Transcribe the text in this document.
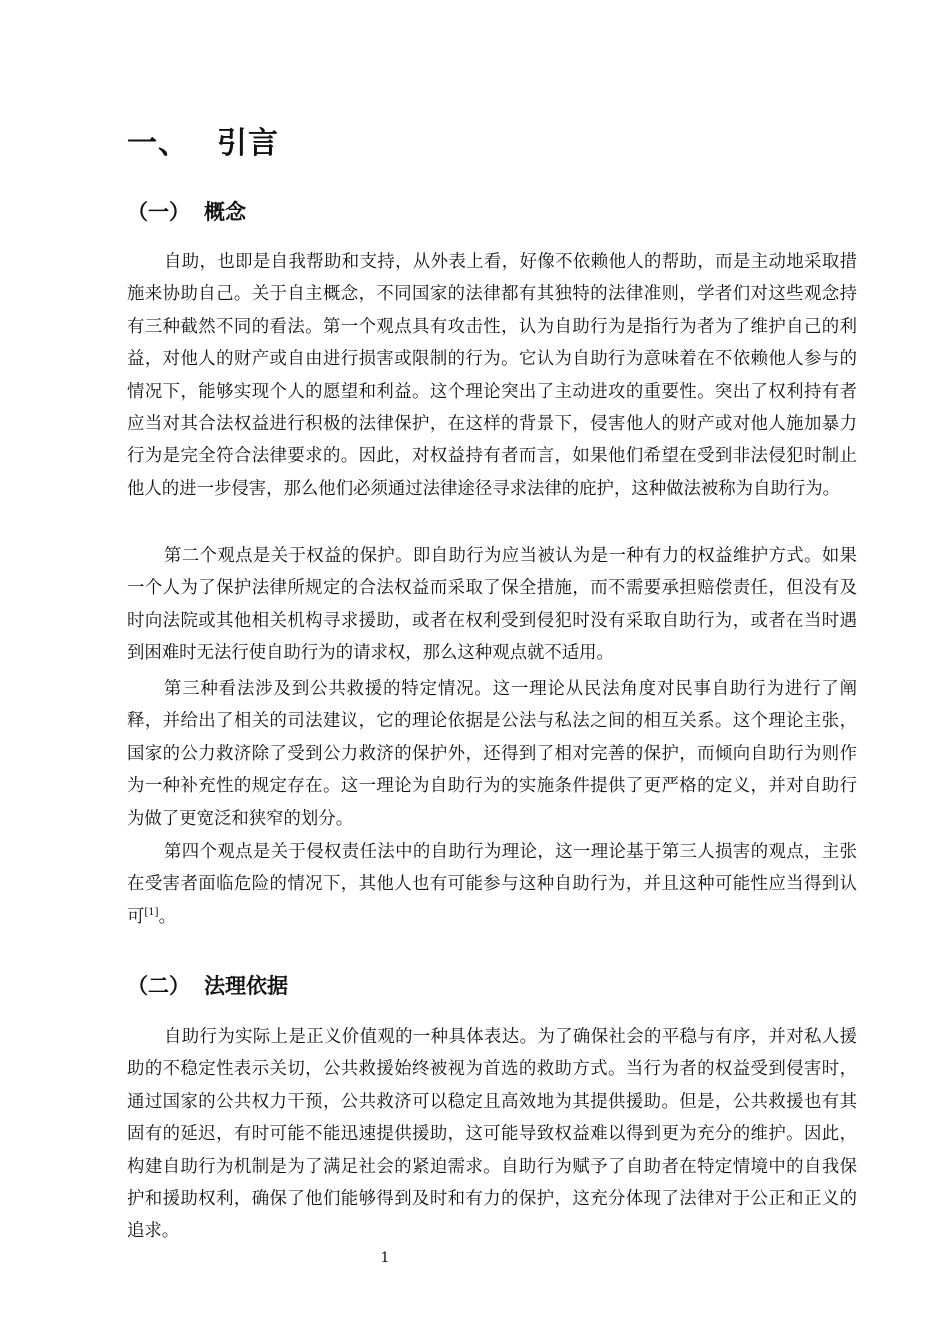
一、 引言
（一） 概念

自助，也即是自我帮助和支持，从外表上看，好像不依赖他人的帮助，而是主动地采取措施来协助自己。关于自主概念，不同国家的法律都有其独特的法律准则，学者们对这些观念持有三种截然不同的看法。第一个观点具有攻击性，认为自助行为是指行为者为了维护自己的利益，对他人的财产或自由进行损害或限制的行为。它认为自助行为意味着在不依赖他人参与的情况下，能够实现个人的愿望和利益。这个理论突出了主动进攻的重要性。突出了权利持有者应当对其合法权益进行积极的法律保护，在这样的背景下，侵害他人的财产或对他人施加暴力行为是完全符合法律要求的。因此，对权益持有者而言，如果他们希望在受到非法侵犯时制止他人的进一步侵害，那么他们必须通过法律途径寻求法律的庇护，这种做法被称为自助行为。

第二个观点是关于权益的保护。即自助行为应当被认为是一种有力的权益维护方式。如果一个人为了保护法律所规定的合法权益而采取了保全措施，而不需要承担赔偿责任，但没有及时向法院或其他相关机构寻求援助，或者在权利受到侵犯时没有采取自助行为，或者在当时遇到困难时无法行使自助行为的请求权，那么这种观点就不适用。

第三种看法涉及到公共救援的特定情况。这一理论从民法角度对民事自助行为进行了阐释，并给出了相关的司法建议，它的理论依据是公法与私法之间的相互关系。这个理论主张，国家的公力救济除了受到公力救济的保护外，还得到了相对完善的保护，而倾向自助行为则作为一种补充性的规定存在。这一理论为自助行为的实施条件提供了更严格的定义，并对自助行为做了更宽泛和狭窄的划分。

第四个观点是关于侵权责任法中的自助行为理论，这一理论基于第三人损害的观点，主张在受害者面临危险的情况下，其他人也有可能参与这种自助行为，并且这种可能性应当得到认可[1]。

（二） 法理依据

自助行为实际上是正义价值观的一种具体表达。为了确保社会的平稳与有序，并对私人援助的不稳定性表示关切，公共救援始终被视为首选的救助方式。当行为者的权益受到侵害时，通过国家的公共权力干预，公共救济可以稳定且高效地为其提供援助。但是，公共救援也有其固有的延迟，有时可能不能迅速提供援助，这可能导致权益难以得到更为充分的维护。因此，构建自助行为机制是为了满足社会的紧迫需求。自助行为赋予了自助者在特定情境中的自我保护和援助权利，确保了他们能够得到及时和有力的保护，这充分体现了法律对于公正和正义的追求。

1
